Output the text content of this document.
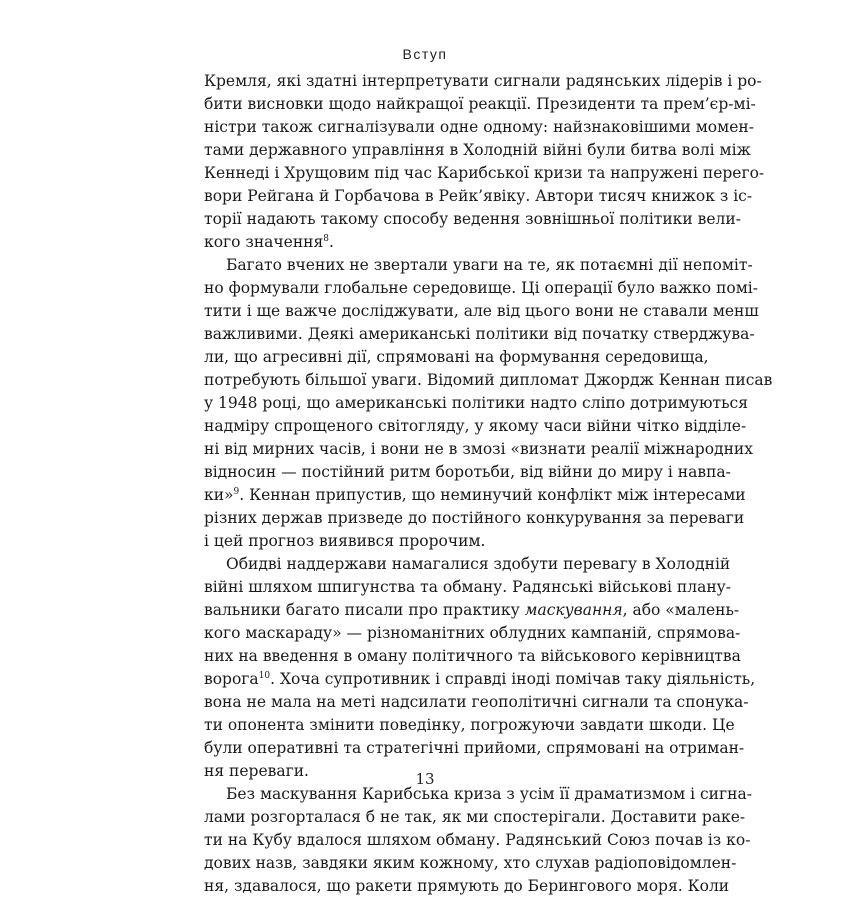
Вступ
Кремля, які здатні інтерпретувати сигнали радянських лідерів і ро-
бити висновки щодо найкращої реакції. Президенти та прем’єр-мі-
ністри також сигналізували одне одному: найзнаковішими момен-
тами державного управління в Холодній війні були битва волі між
Кеннеді і Хрущовим під час Карибської кризи та напружені перего-
вори Рейгана й Горбачова в Рейк’явіку. Автори тисяч книжок з іс-
торії надають такому способу ведення зовнішньої політики вели-
кого значення$^8$.
Багато вчених не звертали уваги на те, як потаємні дії непоміт-
но формували глобальне середовище. Ці операції було важко помі-
тити і ще важче досліджувати, але від цього вони не ставали менш
важливими. Деякі американські політики від початку стверджува-
ли, що агресивні дії, спрямовані на формування середовища,
потребують більшої уваги. Відомий дипломат Джордж Кеннан писав
у 1948 році, що американські політики надто сліпо дотримуються
надміру спрощеного світогляду, у якому часи війни чітко відділе-
ні від мирних часів, і вони не в змозі «визнати реалії міжнародних
відносин — постійний ритм боротьби, від війни до миру і навпа-
ки»$^9$. Кеннан припустив, що неминучий конфлікт між інтересами
різних держав призведе до постійного конкурування за переваги
і цей прогноз виявився пророчим.
Обидві наддержави намагалися здобути перевагу в Холодній
війні шляхом шпигунства та обману. Радянські військові плану-
вальники багато писали про практику маскування, або «малень-
кого маскараду» — різноманітних облудних кампаній, спрямова-
них на введення в оману політичного та військового керівництва
ворога$^{10}$. Хоча супротивник і справді іноді помічав таку діяльність,
вона не мала на меті надсилати геополітичні сигнали та спонука-
ти опонента змінити поведінку, погрожуючи завдати шкоди. Це
були оперативні та стратегічні прийоми, спрямовані на отриман-
ня переваги.
Без маскування Карибська криза з усім її драматизмом і сигна-
лами розгорталася б не так, як ми спостерігали. Доставити раке-
ти на Кубу вдалося шляхом обману. Радянський Союз почав із ко-
дових назв, завдяки яким кожному, хто слухав радіоповідомлен-
ня, здавалося, що ракети прямують до Берингового моря. Коли
13
